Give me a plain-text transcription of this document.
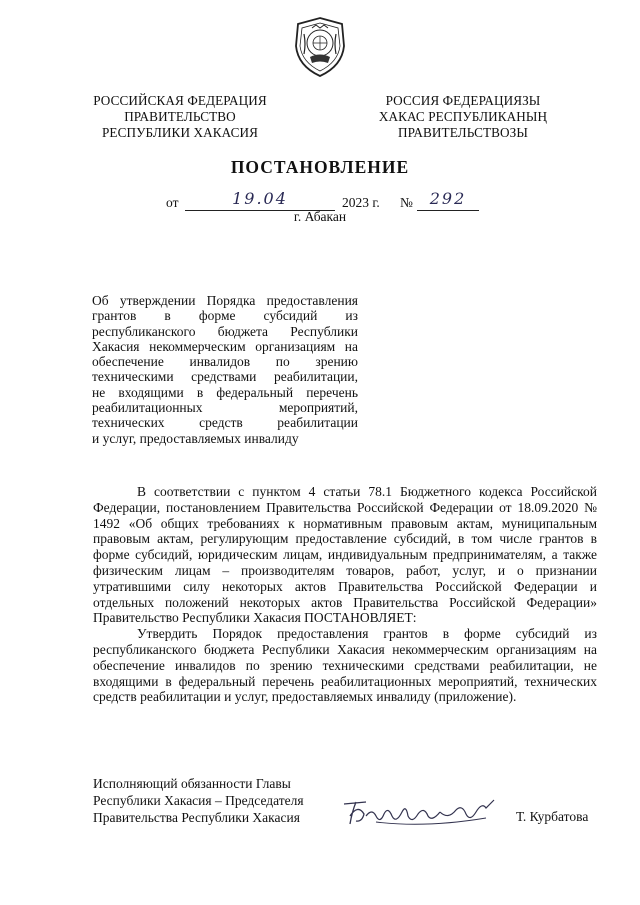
РОССИЙСКАЯ ФЕДЕРАЦИЯ
ПРАВИТЕЛЬСТВО
РЕСПУБЛИКИ ХАКАСИЯ
РОССИЯ ФЕДЕРАЦИЯЗЫ
ХАКАС РЕСПУБЛИКАНЫҢ
ПРАВИТЕЛЬСТВОЗЫ
ПОСТАНОВЛЕНИЕ
от	19.04	2023 г. №	292
г. Абакан
Об утверждении Порядка предоставления
грантов в форме субсидий из
республиканского бюджета Республики
Хакасия некоммерческим организациям на
обеспечение инвалидов по зрению
техническими средствами реабилитации,
не входящими в федеральный перечень
реабилитационных мероприятий,
технических средств реабилитации
и услуг, предоставляемых инвалиду

В соответствии с пунктом 4 статьи 78.1 Бюджетного кодекса Российской Федерации, постановлением Правительства Российской Федерации от 18.09.2020 № 1492 «Об общих требованиях к нормативным правовым актам, муниципальным правовым актам, регулирующим предоставление субсидий, в том числе грантов в форме субсидий, юридическим лицам, индивидуальным предпринимателям, а также физическим лицам – производителям товаров, работ, услуг, и о признании утратившими силу некоторых актов Правительства Российской Федерации и отдельных положений некоторых актов Правительства Российской Федерации» Правительство Республики Хакасия ПОСТАНОВЛЯЕТ:

Утвердить Порядок предоставления грантов в форме субсидий из республиканского бюджета Республики Хакасия некоммерческим организациям на обеспечение инвалидов по зрению техническими средствами реабилитации, не входящими в федеральный перечень реабилитационных мероприятий, технических средств реабилитации и услуг, предоставляемых инвалиду (приложение).

Исполняющий обязанности Главы
Республики Хакасия – Председателя
Правительства Республики Хакасия	Т. Курбатова
